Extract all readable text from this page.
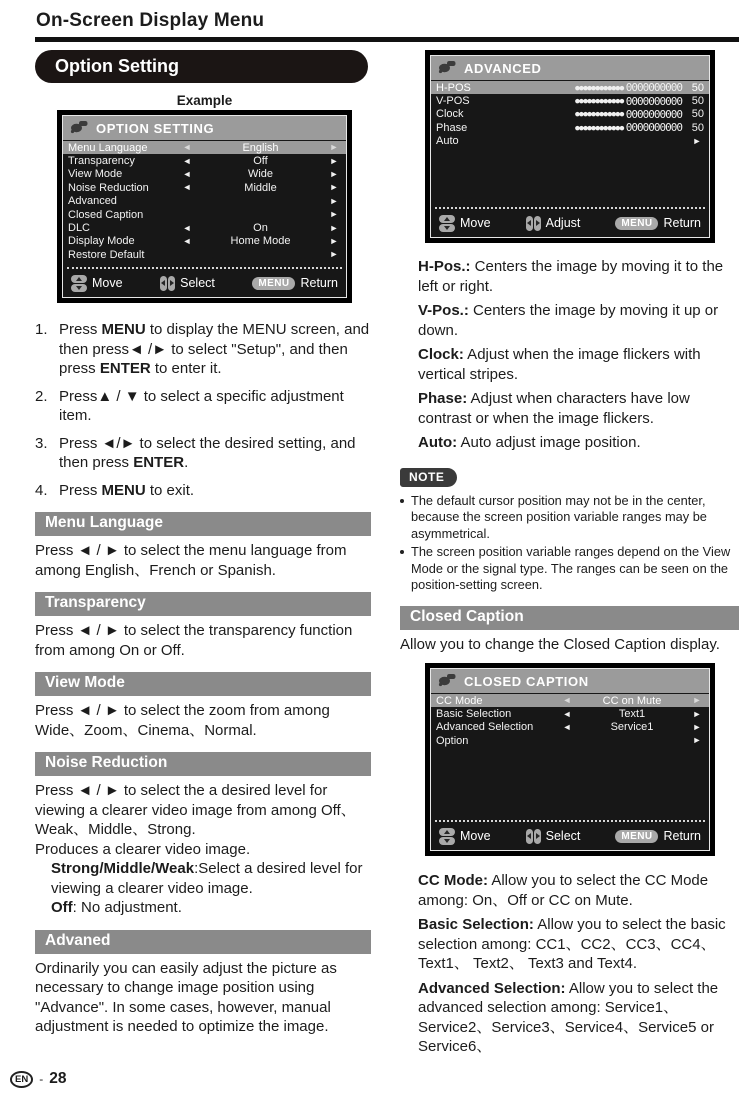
On-Screen Display Menu
Option Setting
Example
OPTION SETTING
Menu Language	◄	English	►
Transparency	◄	Off	►
View Mode	◄	Wide	►
Noise Reduction	◄	Middle	►
Advanced	►
Closed Caption	►
DLC	◄	On	►
Display Mode	◄	Home Mode	►
Restore Default	►
Move	Select	MENU Return
1. Press MENU to display the MENU screen, and then press◄ /► to select "Setup", and then press ENTER to enter it.
2. Press▲ / ▼ to select a specific adjustment item.
3. Press ◄/► to select the desired setting, and then press ENTER.
4. Press MENU to exit.
Menu Language
Press ◄ / ► to select the menu language from among English、French or Spanish.
Transparency
Press ◄ / ► to select the transparency function from among On or Off.
View Mode
Press ◄ / ► to select the zoom from among Wide、Zoom、Cinema、Normal.
Noise Reduction
Press ◄ / ► to select the a desired level for viewing a clearer video image from among Off、Weak、Middle、Strong.
Produces a clearer video image.
Strong/Middle/Weak:Select a desired level for viewing a clearer video image.
Off: No adjustment.
Advaned
Ordinarily you can easily adjust the picture as necessary to change image position using "Advance". In some cases, however, manual adjustment is needed to optimize the image.
ADVANCED
H-POS	●●●●●●●●●●●● 0000000000 50
V-POS	●●●●●●●●●●●● 0000000000 50
Clock	●●●●●●●●●●●● 0000000000 50
Phase	●●●●●●●●●●●● 0000000000 50
Auto	►
Move	Adjust	MENU Return
H-Pos.: Centers the image by moving it to the left or right.
V-Pos.: Centers the image by moving it up or down.
Clock: Adjust when the image flickers with vertical stripes.
Phase: Adjust when characters have low contrast or when the image flickers.
Auto: Auto adjust image position.
NOTE
The default cursor position may not be in the center, because the screen position variable ranges may be asymmetrical.
The screen position variable ranges depend on the View Mode or the signal type. The ranges can be seen on the position-setting screen.
Closed Caption
Allow you to change the Closed Caption display.
CLOSED CAPTION
CC Mode	◄	CC on Mute	►
Basic Selection	◄	Text1	►
Advanced Selection	◄	Service1	►
Option	►
Move	Select	MENU Return
CC Mode: Allow you to select the CC Mode among: On、Off or CC on Mute.
Basic Selection: Allow you to select the basic selection among: CC1、CC2、CC3、CC4、Text1、 Text2、 Text3 and Text4.
Advanced Selection: Allow you to select the advanced selection among: Service1、Service2、Service3、Service4、Service5 or Service6、
EN - 28
